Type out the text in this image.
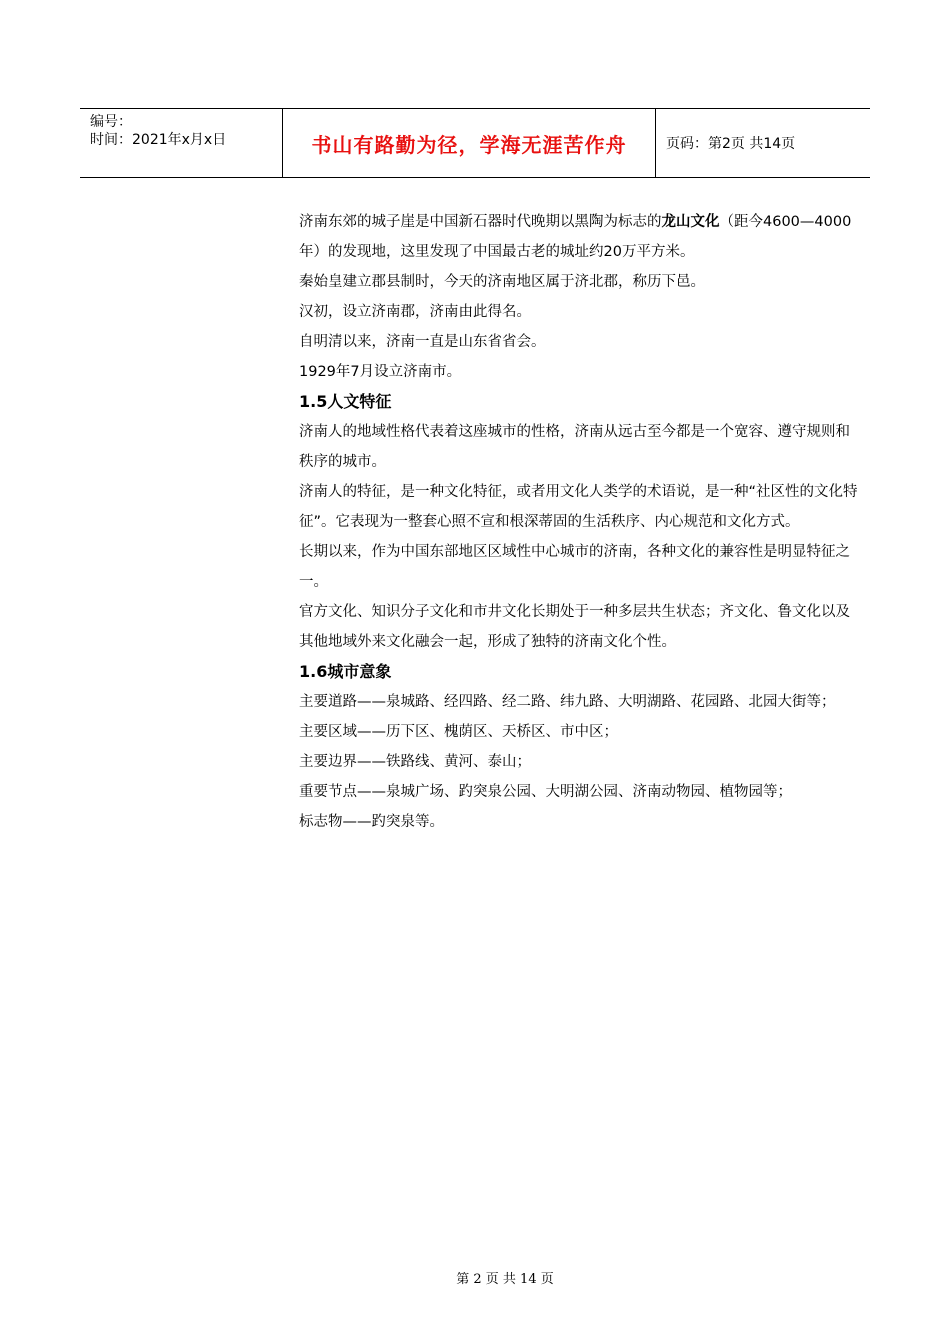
编号：
时间：2021年x月x日	书山有路勤为径，学海无涯苦作舟	页码：第2页 共14页

济南东郊的城子崖是中国新石器时代晚期以黑陶为标志的龙山文化（距今4600—4000年）的发现地，这里发现了中国最古老的城址约20万平方米。

秦始皇建立郡县制时，今天的济南地区属于济北郡，称历下邑。

汉初，设立济南郡，济南由此得名。

自明清以来，济南一直是山东省省会。

1929年7月设立济南市。

1.5人文特征

济南人的地域性格代表着这座城市的性格，济南从远古至今都是一个宽容、遵守规则和秩序的城市。

济南人的特征，是一种文化特征，或者用文化人类学的术语说，是一种“社区性的文化特征”。它表现为一整套心照不宣和根深蒂固的生活秩序、内心规范和文化方式。

长期以来，作为中国东部地区区域性中心城市的济南，各种文化的兼容性是明显特征之一。

官方文化、知识分子文化和市井文化长期处于一种多层共生状态；齐文化、鲁文化以及其他地域外来文化融会一起，形成了独特的济南文化个性。

1.6城市意象

主要道路——泉城路、经四路、经二路、纬九路、大明湖路、花园路、北园大街等；

主要区域——历下区、槐荫区、天桥区、市中区；

主要边界——铁路线、黄河、泰山；

重要节点——泉城广场、趵突泉公园、大明湖公园、济南动物园、植物园等；

标志物——趵突泉等。

第 2 页 共 14 页
